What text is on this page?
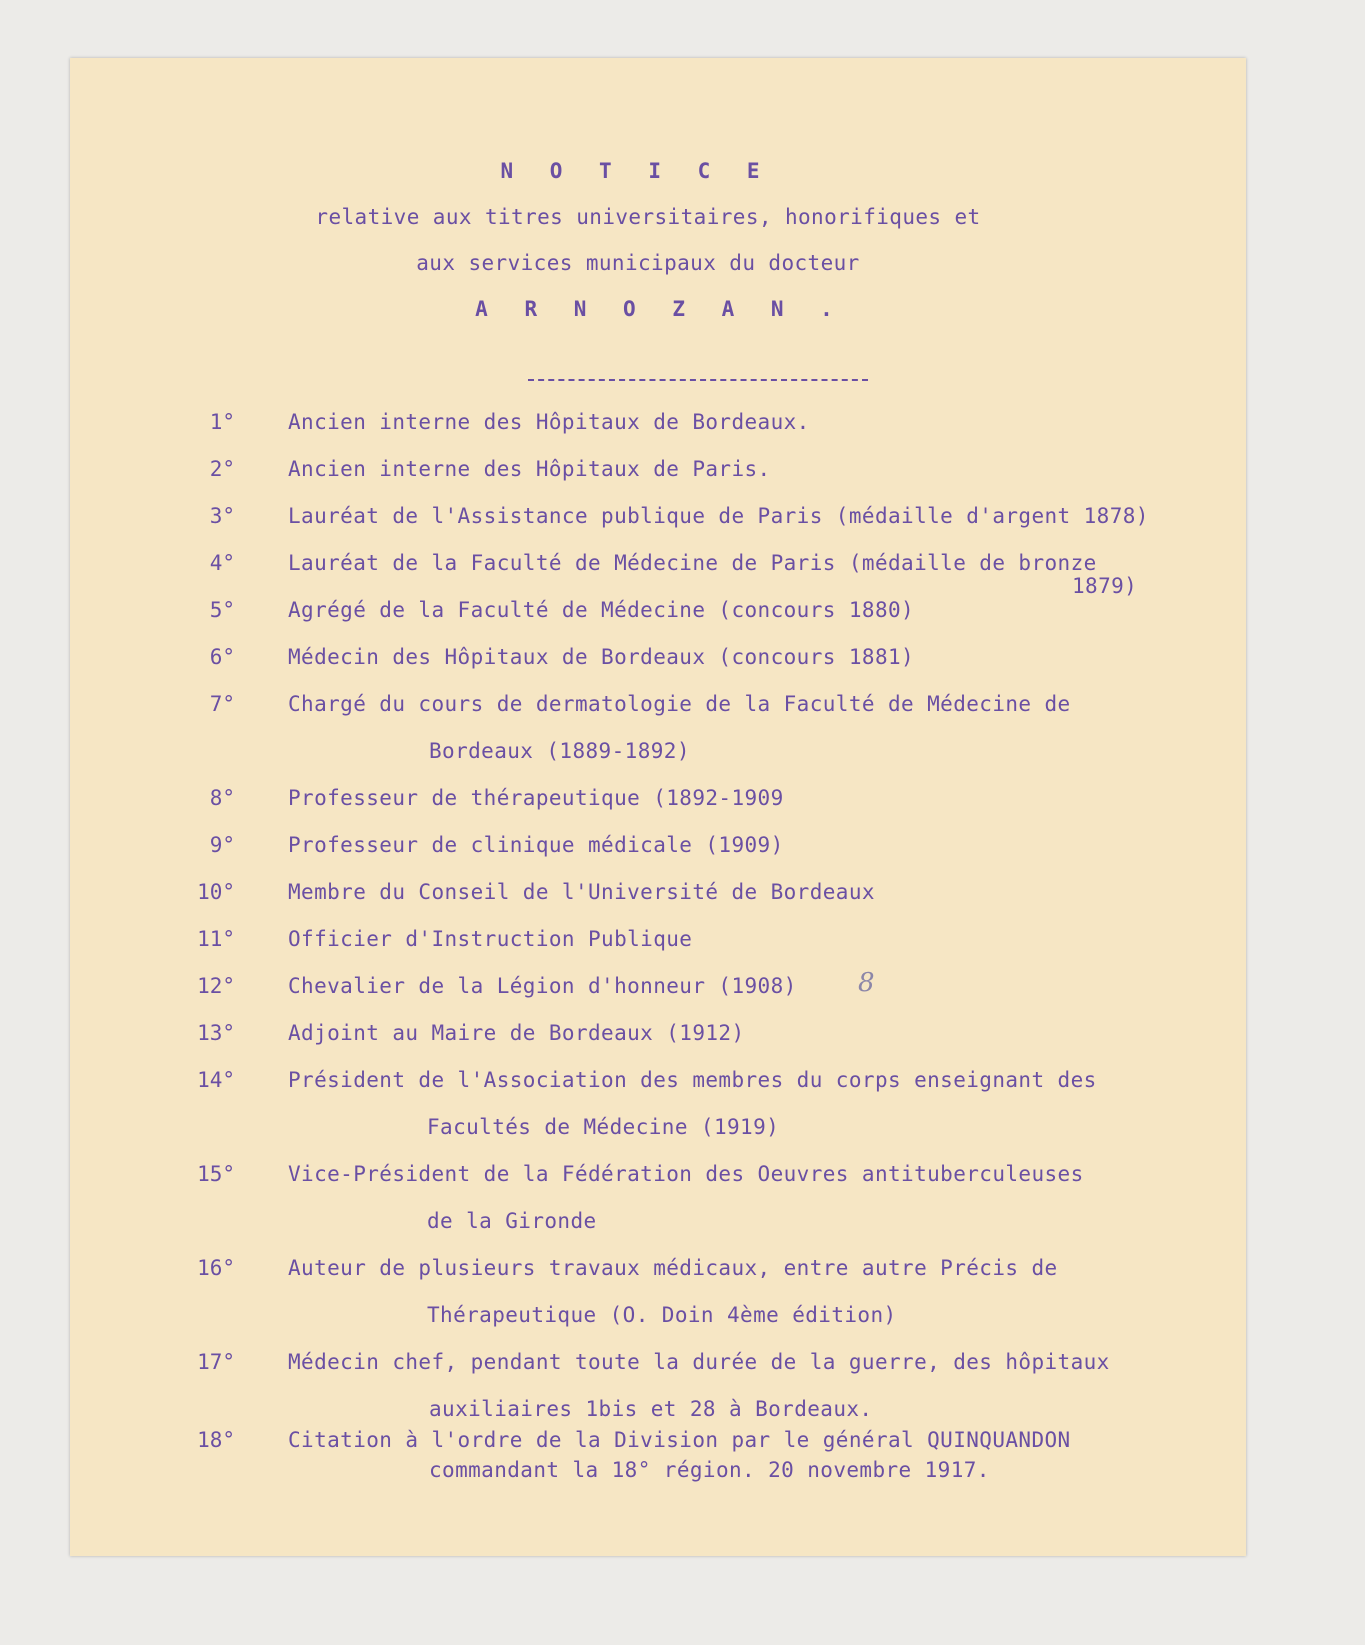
N O T I C E
relative aux titres universitaires, honorifiques et
aux services municipaux du docteur
A R N O Z A N .
1°	Ancien interne des Hôpitaux de Bordeaux.
2°	Ancien interne des Hôpitaux de Paris.
3°	Lauréat de l'Assistance publique de Paris (médaille d'argent 1878)
4°	Lauréat de la Faculté de Médecine de Paris (médaille de bronze
1879)
5°	Agrégé de la Faculté de Médecine (concours 1880)
6°	Médecin des Hôpitaux de Bordeaux (concours 1881)
7°	Chargé du cours de dermatologie de la Faculté de Médecine de
Bordeaux (1889-1892)
8°	Professeur de thérapeutique (1892-1909
9°	Professeur de clinique médicale (1909)
10°	Membre du Conseil de l'Université de Bordeaux
11°	Officier d'Instruction Publique
12°	Chevalier de la Légion d'honneur (1908) 8
13°	Adjoint au Maire de Bordeaux (1912)
14°	Président de l'Association des membres du corps enseignant des
Facultés de Médecine (1919)
15°	Vice-Président de la Fédération des Oeuvres antituberculeuses
de la Gironde
16°	Auteur de plusieurs travaux médicaux, entre autre Précis de
Thérapeutique (O. Doin 4ème édition)
17°	Médecin chef, pendant toute la durée de la guerre, des hôpitaux
auxiliaires 1bis et 28 à Bordeaux.
18°	Citation à l'ordre de la Division par le général QUINQUANDON
commandant la 18° région. 20 novembre 1917.
